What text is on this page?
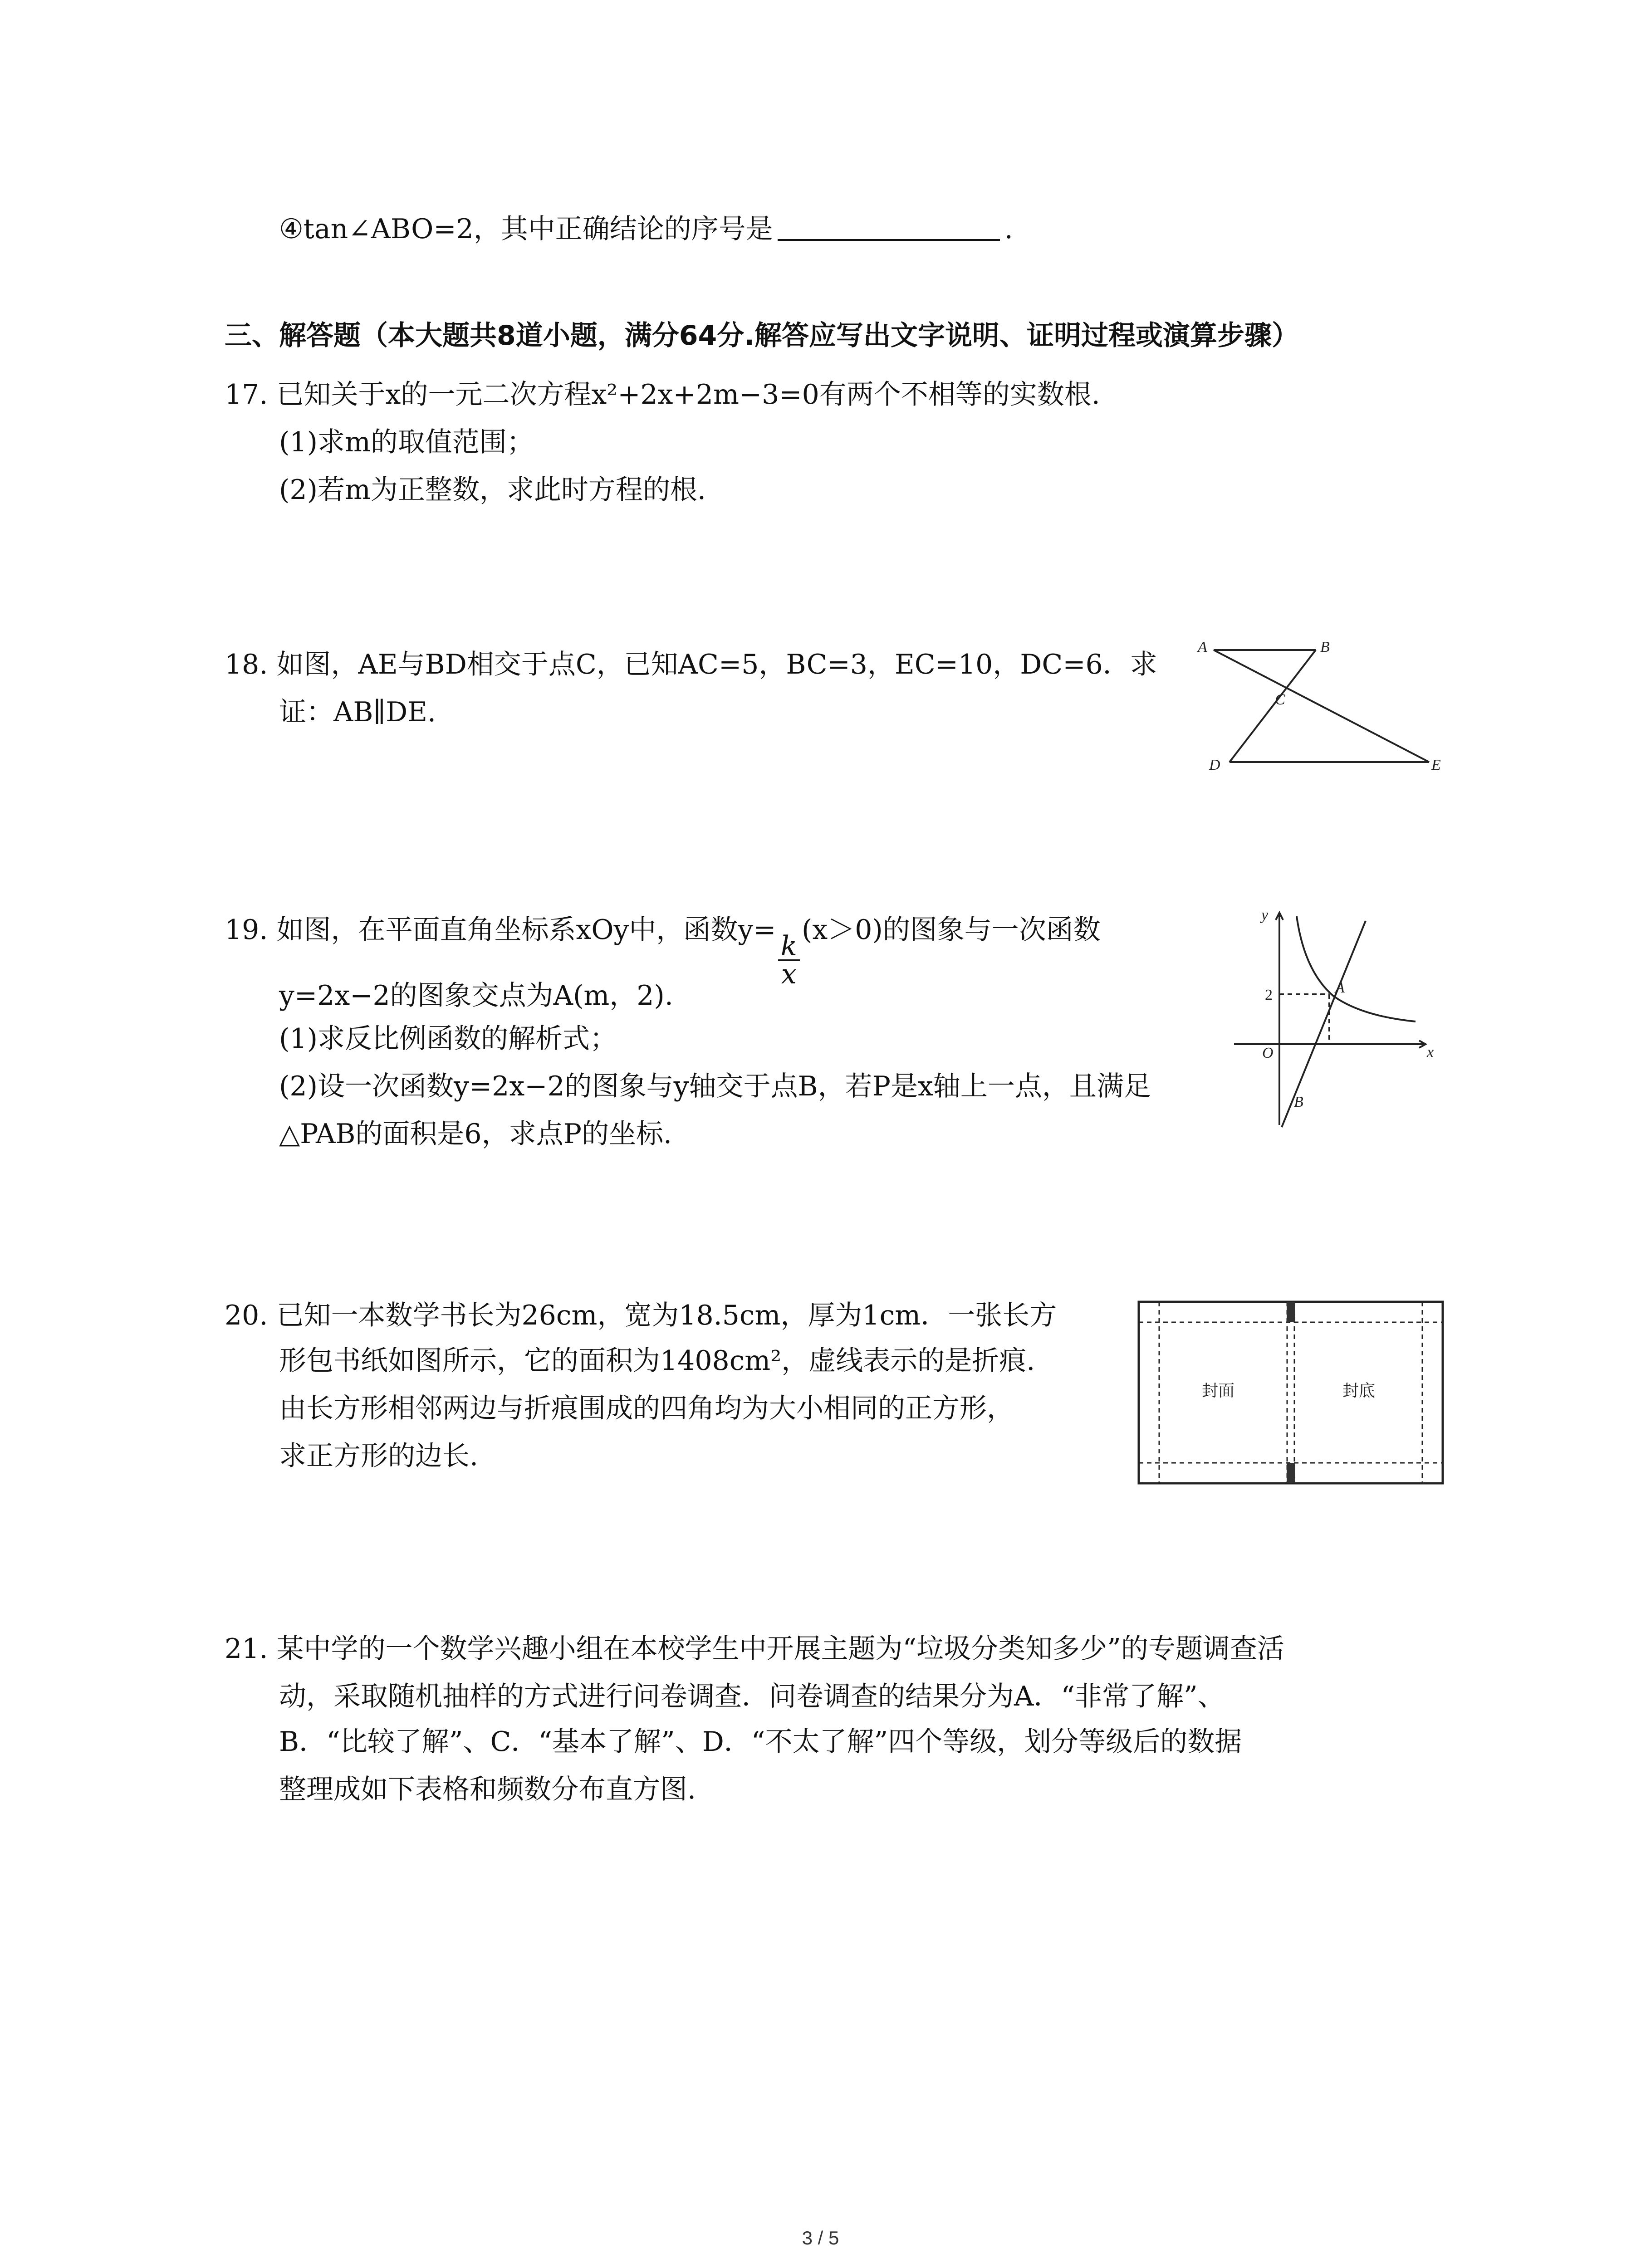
④tan∠ABO=2，其中正确结论的序号是	.
三、解答题（本大题共8道小题，满分64分.解答应写出文字说明、证明过程或演算步骤）
17. 已知关于x的一元二次方程x²+2x+2m−3=0有两个不相等的实数根.
(1)求m的取值范围；
(2)若m为正整数，求此时方程的根.
18. 如图，AE与BD相交于点C，已知AC=5，BC=3，EC=10，DC=6．求
证：AB∥DE.
A	B
C
D	E
19. 如图，在平面直角坐标系xOy中，函数y=
$\frac{k}{x}$
(x＞0)的图象与一次函数
y=2x−2的图象交点为A(m，2).
(1)求反比例函数的解析式；
(2)设一次函数y=2x−2的图象与y轴交于点B，若P是x轴上一点，且满足
△PAB的面积是6，求点P的坐标.
y
x
O
2	A
B
20. 已知一本数学书长为26cm，宽为18.5cm，厚为1cm．一张长方
形包书纸如图所示，它的面积为1408cm²，虚线表示的是折痕.
由长方形相邻两边与折痕围成的四角均为大小相同的正方形，
求正方形的边长.
封面	封底
21. 某中学的一个数学兴趣小组在本校学生中开展主题为“垃圾分类知多少”的专题调查活
动，采取随机抽样的方式进行问卷调查．问卷调查的结果分为A．“非常了解”、
B．“比较了解”、C．“基本了解”、D．“不太了解”四个等级，划分等级后的数据
整理成如下表格和频数分布直方图.
3 / 5
